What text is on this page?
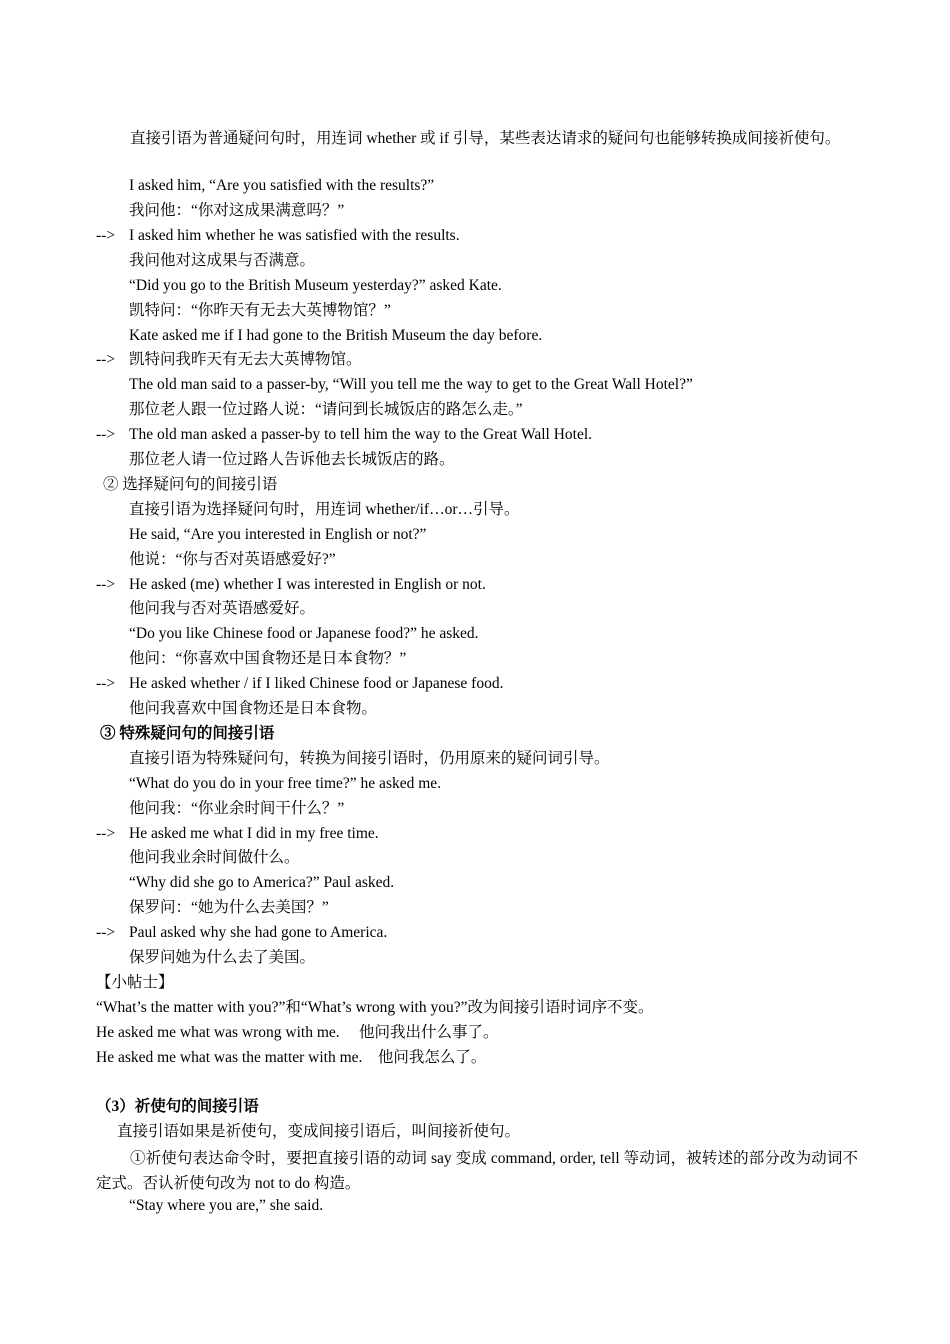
直接引语为普通疑问句时，用连词 whether 或 if 引导，某些表达请求的疑问句也能够转换成间接祈使句。
I asked him, “Are you satisfied with the results?”
我问他：“你对这成果满意吗？”
--> I asked him whether he was satisfied with the results.
我问他对这成果与否满意。
“Did you go to the British Museum yesterday?” asked Kate.
凯特问：“你昨天有无去大英博物馆？”
Kate asked me if I had gone to the British Museum the day before.
--> 凯特问我昨天有无去大英博物馆。
The old man said to a passer-by, “Will you tell me the way to get to the Great Wall Hotel?”
那位老人跟一位过路人说：“请问到长城饭店的路怎么走。”
--> The old man asked a passer-by to tell him the way to the Great Wall Hotel.
那位老人请一位过路人告诉他去长城饭店的路。
② 选择疑问句的间接引语
直接引语为选择疑问句时，用连词 whether/if…or…引导。
He said, “Are you interested in English or not?”
他说：“你与否对英语感爱好?”
--> He asked (me) whether I was interested in English or not.
他问我与否对英语感爱好。
“Do you like Chinese food or Japanese food?” he asked.
他问：“你喜欢中国食物还是日本食物？”
--> He asked whether / if I liked Chinese food or Japanese food.
他问我喜欢中国食物还是日本食物。
③ 特殊疑问句的间接引语
直接引语为特殊疑问句，转换为间接引语时，仍用原来的疑问词引导。
“What do you do in your free time?” he asked me.
他问我：“你业余时间干什么？”
--> He asked me what I did in my free time.
他问我业余时间做什么。
“Why did she go to America?” Paul asked.
保罗问：“她为什么去美国？”
--> Paul asked why she had gone to America.
保罗问她为什么去了美国。
【小帖士】
“What’s the matter with you?”和“What’s wrong with you?”改为间接引语时词序不变。
He asked me what was wrong with me.     他问我出什么事了。
He asked me what was the matter with me.    他问我怎么了。
（3）祈使句的间接引语
直接引语如果是祈使句，变成间接引语后，叫间接祈使句。
①祈使句表达命令时，要把直接引语的动词 say 变成 command, order, tell 等动词，被转述的部分改为动词不定式。否认祈使句改为 not to do 构造。
“Stay where you are,” she said.
